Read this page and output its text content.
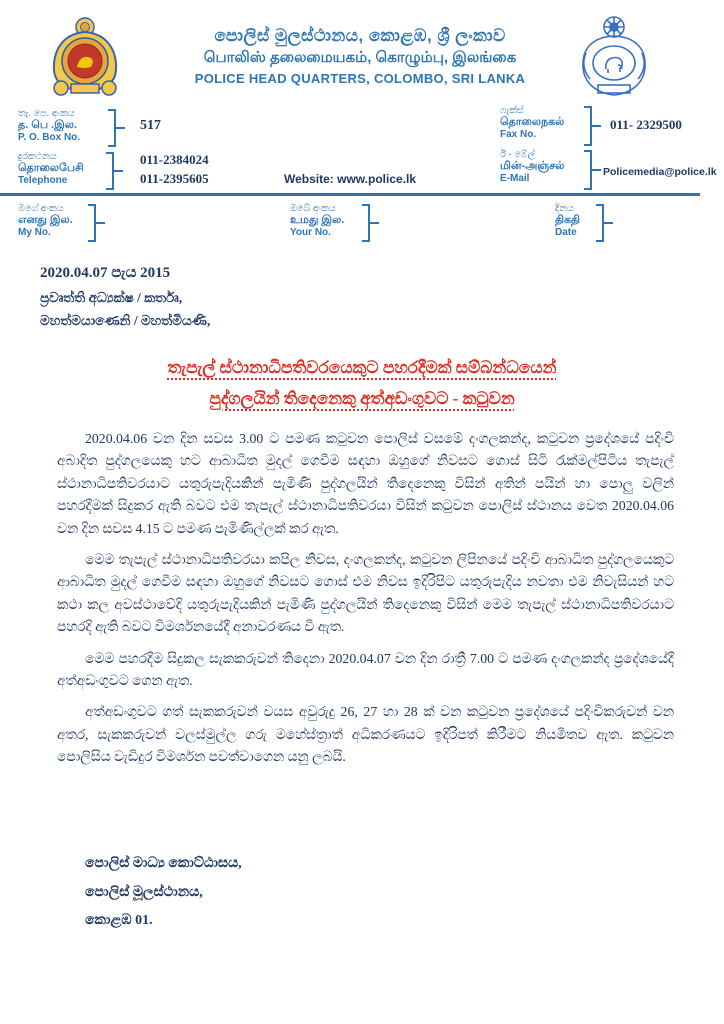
පොලිස් මුලස්ථානය, කොළඹ, ශ්‍රී ලංකාව
பொலிஸ் தலைமையகம், கொழும்பு, இலங்கை
POLICE HEAD QUARTERS, COLOMBO, SRI LANKA
තැ. පෙ. අංකය
த. பெ .இல.
P. O. Box No.
517
ෆැක්ස්
தொலைநகல்
Fax No.
011- 2329500
දුරකථනය
தொலைபேசி
Telephone
011-2384024
011-2395605	Website: www.police.lk
ඊ - මේල්
மின்-அஞ்சல்
E-Mail
Policemedia@police.lk
මගේ අංකය
எனது இல.
My No.
ඔබේ අංකය
உமது இல.
Your No.
දිනය
திகதி
Date
2020.04.07 පැය 2015
ප්‍රවෘත්ති අධ්‍යක්ෂ / කර්තෘ,
මහත්මයාණෙනි / මහත්මියණි,
තැපැල් ස්ථානාධිපතිවරයෙකුට පහරදීමක් සම්බන්ධයෙන්
පුද්ගලයින් තිදෙනෙකු අත්අඩංගුවට - කටුවන

2020.04.06 වන දින සවස 3.00 ට පමණ කටුවන පොලිස් වසමේ දංගලකන්ද, කටුවන ප්‍රදේශයේ පදිංචි අබාදිත පුද්ගලයෙකු හට ආබාධිත මුදල් ගෙවීම සඳහා ඔහුගේ නිවසට ගොස් සිටි රැක්මල්පිටිය තැපැල් ස්ථානාධිපතිවරයාට යතුරුපැදියකින් පැමිණි පුද්ගලයින් තිදෙනෙකු විසින් අතින් පයින් හා පොලු වලින් පහරදීමක් සිදුකර ඇති බවට එම තැපැල් ස්ථානාධිපතිවරයා විසින් කටුවන පොලිස් ස්ථානය වෙත 2020.04.06 වන දින සවස 4.15 ට පමණ පැමිණිල්ලක් කර ඇත.

මෙම තැපැල් ස්ථානාධිපතිවරයා කපිල නිවස, දංගලකන්ද, කටුවන ලිපිනයේ පදිංචි ආබාධිත පුද්ගලයෙකුට ආබාධිත මුදල් ගෙවීම සඳහා ඔහුගේ නිවසට ගොස් එම නිවස ඉදිරිපිට යතුරුපැදිය නවතා එම නිවැසියන් හට කථා කල අවස්ථාවේදි යතුරුපැදියකින් පැමිණි පුද්ගලයින් තිදෙනෙකු විසින් මෙම තැපැල් ස්ථානාධිපතිවරයාට පහරදි ඇති බවට විමර්ශනයේදී අනාවරණය වී ඇත.

මෙම පහරදීම සිදුකල සැකකරුවන් තිදෙනා 2020.04.07 වන දින රාත්‍රී 7.00 ට පමණ දංගලකන්ද ප්‍රදේශයේදී අත්අඩංගුවට ගෙන ඇත.

අත්අඩංගුවට ගත් සැකකරුවන් වයස අවුරුදු 26, 27 හා 28 ක් වන කටුවන ප්‍රදේශයේ පදිංචිකරුවන් වන අතර, සැකකරුවන් වලස්මුල්ල ගරු මහේස්ත්‍රාත් අධිකරණයට ඉදිරිපත් කිරීමට නියමිතව ඇත. කටුවන පොලිසිය වැඩිදුර විමර්ශන පවත්වාගෙන යනු ලබයි.

පොලිස් මාධ්‍ය කොට්ඨාසය,
පොලිස් මූලස්ථානය,
කොළඹ 01.
